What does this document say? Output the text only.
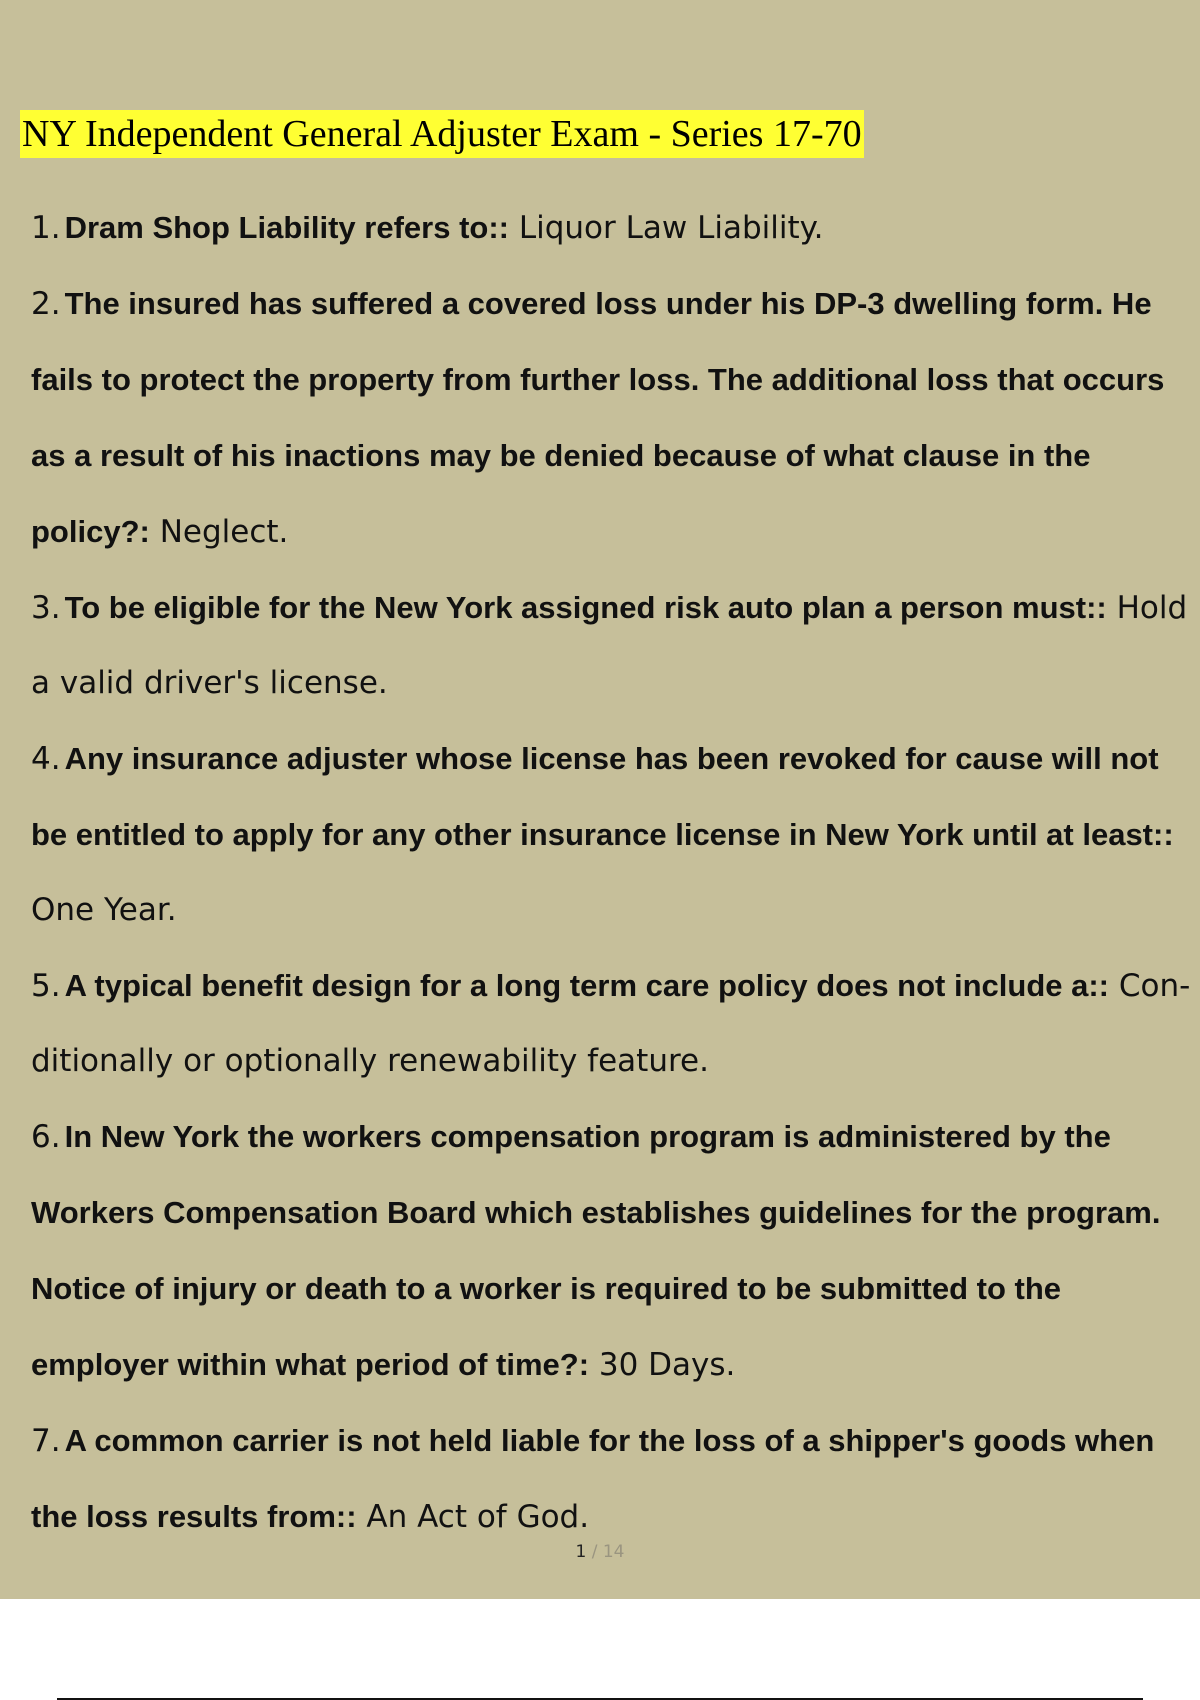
NY Independent General Adjuster Exam - Series 17-70
1. Dram Shop Liability refers to:: Liquor Law Liability.
2. The insured has suffered a covered loss under his DP-3 dwelling form. He fails to protect the property from further loss. The additional loss that occurs as a result of his inactions may be denied because of what clause in the policy?: Neglect.
3. To be eligible for the New York assigned risk auto plan a person must:: Hold a valid driver's license.
4. Any insurance adjuster whose license has been revoked for cause will not be entitled to apply for any other insurance license in New York until at least:: One Year.
5. A typical benefit design for a long term care policy does not include a:: Con- ditionally or optionally renewability feature.
6. In New York the workers compensation program is administered by the Workers Compensation Board which establishes guidelines for the program. Notice of injury or death to a worker is required to be submitted to the employer within what period of time?: 30 Days.
7. A common carrier is not held liable for the loss of a shipper's goods when the loss results from:: An Act of God.
1 / 14
